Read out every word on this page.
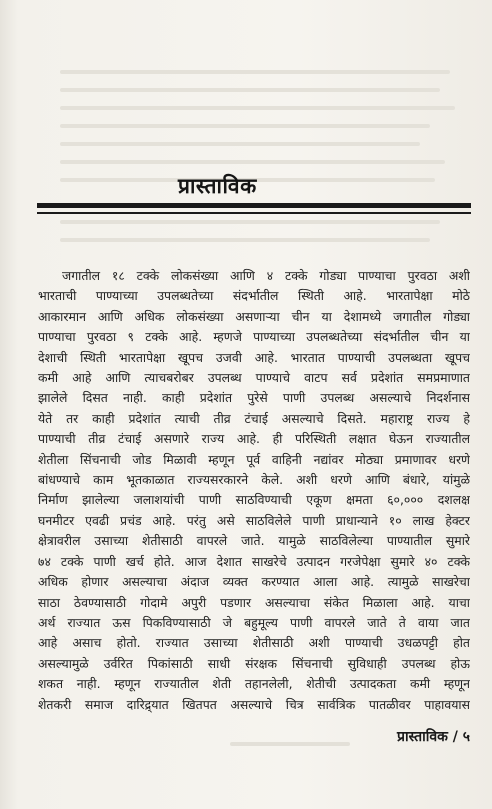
प्रास्ताविक
जगातील १८ टक्के लोकसंख्या आणि ४ टक्के गोड्या पाण्याचा पुरवठा अशी
भारताची पाण्याच्या उपलब्धतेच्या संदर्भातील स्थिती आहे. भारतापेक्षा मोठे
आकारमान आणि अधिक लोकसंख्या असणाऱ्या चीन या देशामध्ये जगातील गोड्या
पाण्याचा पुरवठा ९ टक्के आहे. म्हणजे पाण्याच्या उपलब्धतेच्या संदर्भातील चीन या
देशाची स्थिती भारतापेक्षा खूपच उजवी आहे. भारतात पाण्याची उपलब्धता खूपच
कमी आहे आणि त्याचबरोबर उपलब्ध पाण्याचे वाटप सर्व प्रदेशांत समप्रमाणात
झालेले दिसत नाही. काही प्रदेशांत पुरेसे पाणी उपलब्ध असल्याचे निदर्शनास
येते तर काही प्रदेशांत त्याची तीव्र टंचाई असल्याचे दिसते. महाराष्ट्र राज्य हे
पाण्याची तीव्र टंचाई असणारे राज्य आहे. ही परिस्थिती लक्षात घेऊन राज्यातील
शेतीला सिंचनाची जोड मिळावी म्हणून पूर्व वाहिनी नद्यांवर मोठ्या प्रमाणावर धरणे
बांधण्याचे काम भूतकाळात राज्यसरकारने केले. अशी धरणे आणि बंधारे, यांमुळे
निर्माण झालेल्या जलाशयांची पाणी साठविण्याची एकूण क्षमता ६०,००० दशलक्ष
घनमीटर एवढी प्रचंड आहे. परंतु असे साठविलेले पाणी प्राधान्याने १० लाख हेक्टर
क्षेत्रावरील उसाच्या शेतीसाठी वापरले जाते. यामुळे साठविलेल्या पाण्यातील सुमारे
७४ टक्के पाणी खर्च होते. आज देशात साखरेचे उत्पादन गरजेपेक्षा सुमारे ४० टक्के
अधिक होणार असल्याचा अंदाज व्यक्त करण्यात आला आहे. त्यामुळे साखरेचा
साठा ठेवण्यासाठी गोदामे अपुरी पडणार असल्याचा संकेत मिळाला आहे. याचा
अर्थ राज्यात ऊस पिकविण्यासाठी जे बहुमूल्य पाणी वापरले जाते ते वाया जात
आहे असाच होतो. राज्यात उसाच्या शेतीसाठी अशी पाण्याची उधळपट्टी होत
असल्यामुळे उर्वरित पिकांसाठी साधी संरक्षक सिंचनाची सुविधाही उपलब्ध होऊ
शकत नाही. म्हणून राज्यातील शेती तहानलेली, शेतीची उत्पादकता कमी म्हणून
शेतकरी समाज दारिद्र्यात खितपत असल्याचे चित्र सार्वत्रिक पातळीवर पाहावयास
प्रास्ताविक / ५
